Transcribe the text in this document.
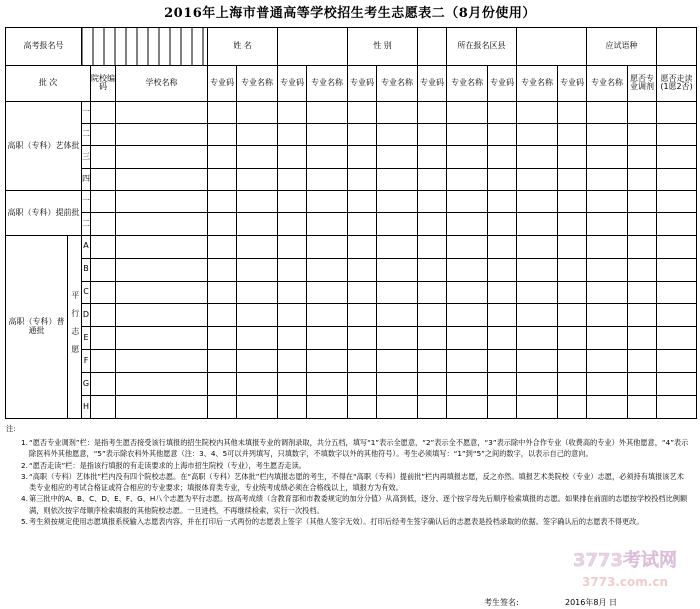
2016年上海市普通高等学校招生考生志愿表二（8月份使用）
高考报名号					姓 名				性 别			所在报名区县				应试语种		
批 次			院校编码	学校名称	专业码	专业名称	专业码	专业名称	专业码	专业名称	专业码	专业名称	专业码	专业名称	专业码	专业名称	愿否专业调剂	愿否走读(1愿2否)
高职（专科）艺体批		一																
		二																
		三																
		四																
高职（专科）提前批		一																
		二																
高职（专科）普通批	平行志愿	A																
		B																
		C																
		D																
		E																
		F																
		G																
		H																
注:
1. “愿否专业调剂”栏：是指考生愿否接受该行填报的招生院校内其他未填报专业的调剂录取，共分五档，填写“1”表示全愿意，“2”表示全不愿意，“3”表示除中外合作专业（收费高的专业）外其他愿意，“4”表示除医科外其他愿意，“5”表示除农科外其他愿意（注：3、4、5可以并列填写，只填数字，不填数字以外的其他符号）。考生必须填写：“1”到“5”之间的数字，以表示自己的意向。
2. “愿否走读”栏：是指该行填报的有走读要求的上海市招生院校（专业），考生愿否走读。
3. “高职（专科）艺体批”栏内没有四个院校志愿。在“高职（专科）艺体批”栏内填报志愿的考生，不得在“高职（专科）提前批”栏内再填报志愿，反之亦然。填报艺术类院校（专业）志愿，必须持有填报该艺术类专业相应的考试合格证或符合相应的专业要求；填报体育类专业，专业统考成绩必须在合格线以上，填报方为有效。
4. 第三批中的A、B、C、D、E、F、G、H八个志愿为平行志愿。按高考成绩（含教育部和市教委规定的加分分值）从高到低，逐分、逐个按字母先后顺序检索填报的志愿。如果排在前面的志愿按学校投档比例额满，则依次按字母顺序检索填报的其他院校志愿。一旦进档，不再继续检索，实行一次投档。
5. 考生须按规定使用志愿填报系统输入志愿表内容，并在打印后一式两份的志愿表上签字（其他人签字无效）。打印后经考生签字确认后的志愿表是投档录取的依据。签字确认后的志愿表不得更改。
考生签名:	2016年8月 日
3773考试网
3773.com.cn
